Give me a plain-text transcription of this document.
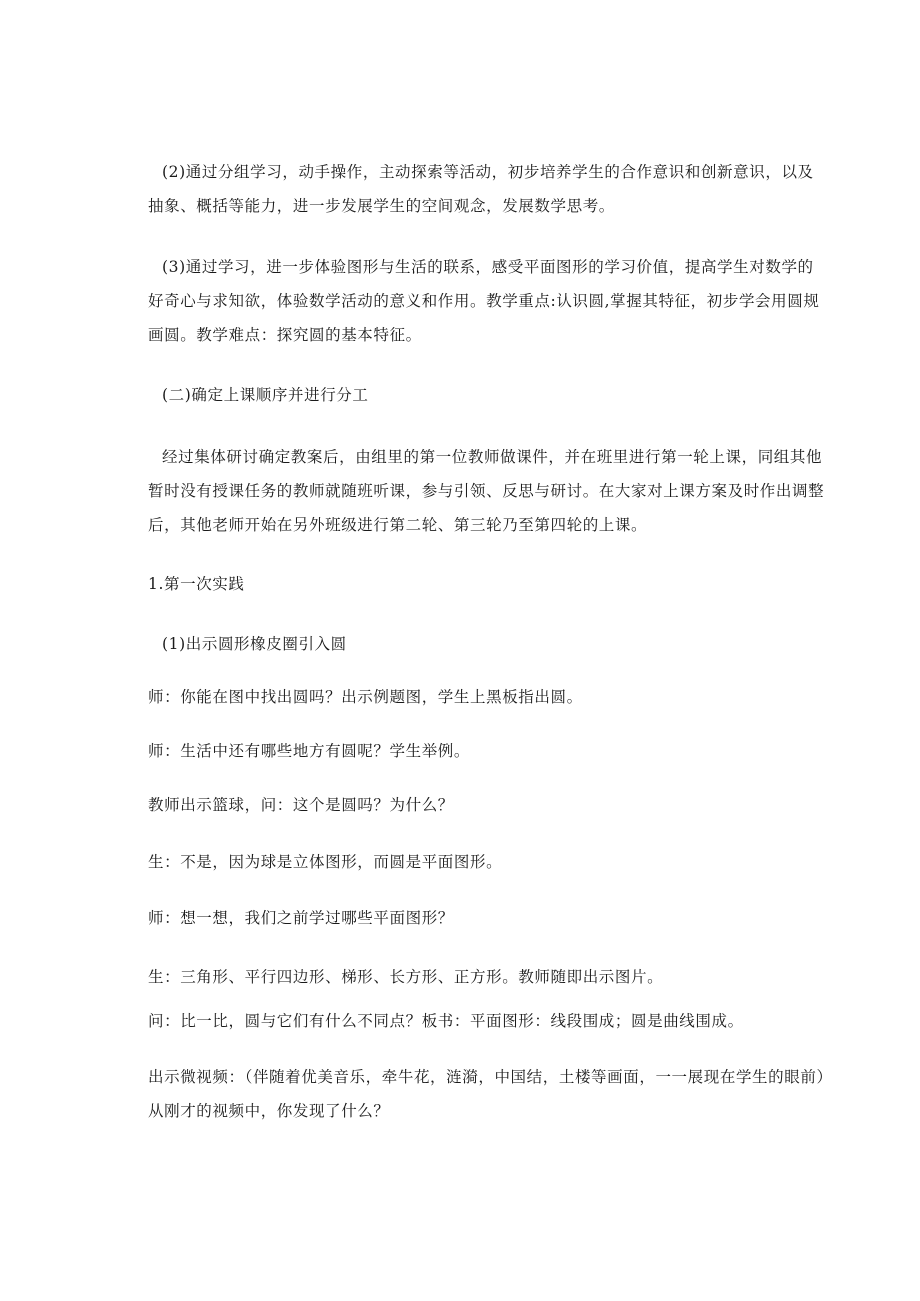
(2)通过分组学习，动手操作，主动探索等活动，初步培养学生的合作意识和创新意识，以及抽象、概括等能力，进一步发展学生的空间观念，发展数学思考。

(3)通过学习，进一步体验图形与生活的联系，感受平面图形的学习价值，提高学生对数学的好奇心与求知欲，体验数学活动的意义和作用。教学重点:认识圆,掌握其特征，初步学会用圆规画圆。教学难点：探究圆的基本特征。

(二)确定上课顺序并进行分工

经过集体研讨确定教案后，由组里的第一位教师做课件，并在班里进行第一轮上课，同组其他暂时没有授课任务的教师就随班听课，参与引领、反思与研讨。在大家对上课方案及时作出调整后，其他老师开始在另外班级进行第二轮、第三轮乃至第四轮的上课。

1.第一次实践

(1)出示圆形橡皮圈引入圆

师：你能在图中找出圆吗？出示例题图，学生上黑板指出圆。

师：生活中还有哪些地方有圆呢？学生举例。

教师出示篮球，问：这个是圆吗？为什么？

生：不是，因为球是立体图形，而圆是平面图形。

师：想一想，我们之前学过哪些平面图形？

生：三角形、平行四边形、梯形、长方形、正方形。教师随即出示图片。

问：比一比，圆与它们有什么不同点？板书：平面图形：线段围成；圆是曲线围成。

出示微视频：（伴随着优美音乐，牵牛花，涟漪，中国结，土楼等画面，一一展现在学生的眼前）从刚才的视频中，你发现了什么？
